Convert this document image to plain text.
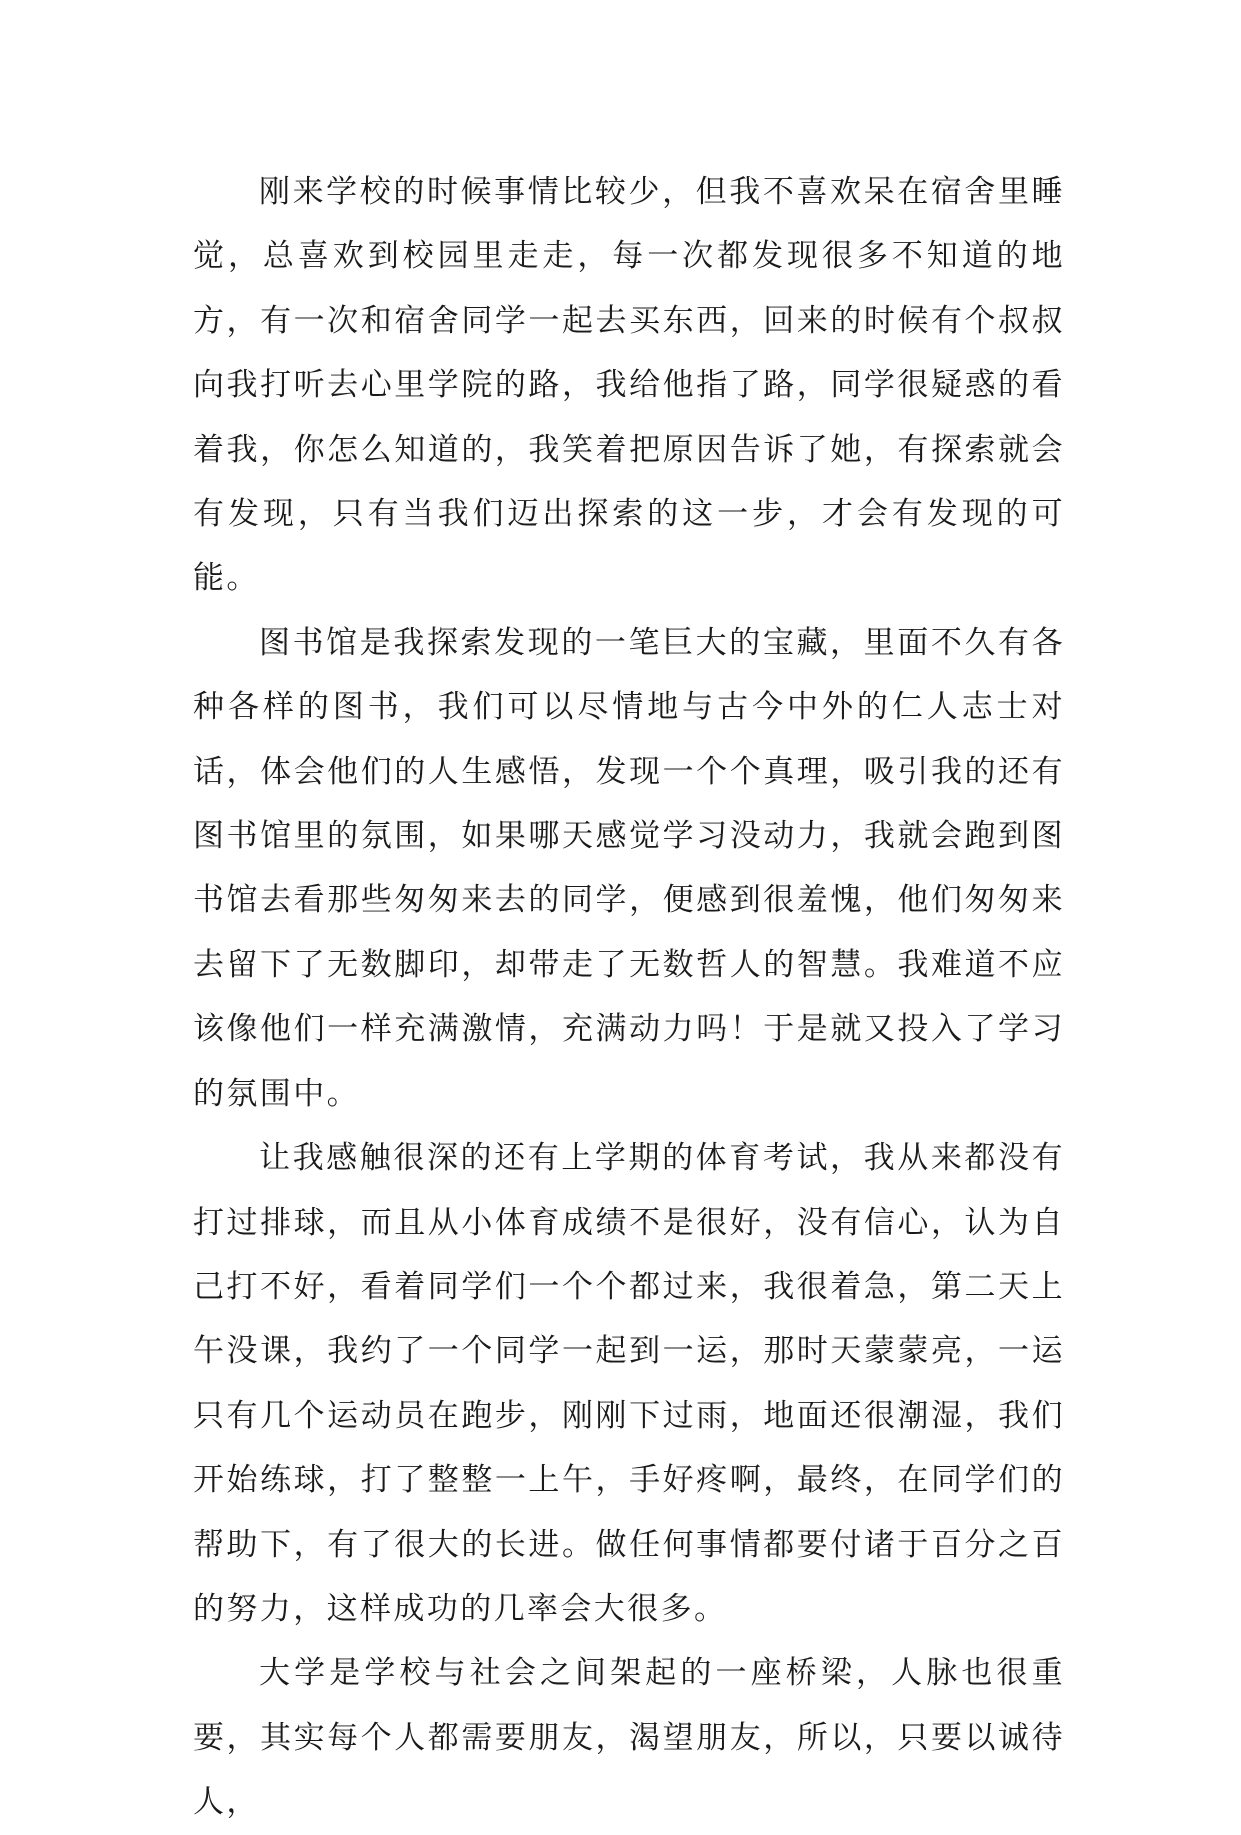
刚来学校的时候事情比较少，但我不喜欢呆在宿舍里睡觉，总喜欢到校园里走走，每一次都发现很多不知道的地方，有一次和宿舍同学一起去买东西，回来的时候有个叔叔向我打听去心里学院的路，我给他指了路，同学很疑惑的看着我，你怎么知道的，我笑着把原因告诉了她，有探索就会有发现，只有当我们迈出探索的这一步，才会有发现的可能。

图书馆是我探索发现的一笔巨大的宝藏，里面不久有各种各样的图书，我们可以尽情地与古今中外的仁人志士对话，体会他们的人生感悟，发现一个个真理，吸引我的还有图书馆里的氛围，如果哪天感觉学习没动力，我就会跑到图书馆去看那些匆匆来去的同学，便感到很羞愧，他们匆匆来去留下了无数脚印，却带走了无数哲人的智慧。我难道不应该像他们一样充满激情，充满动力吗！于是就又投入了学习的氛围中。

让我感触很深的还有上学期的体育考试，我从来都没有打过排球，而且从小体育成绩不是很好，没有信心，认为自己打不好，看着同学们一个个都过来，我很着急，第二天上午没课，我约了一个同学一起到一运，那时天蒙蒙亮，一运只有几个运动员在跑步，刚刚下过雨，地面还很潮湿，我们开始练球，打了整整一上午，手好疼啊，最终，在同学们的帮助下，有了很大的长进。做任何事情都要付诸于百分之百的努力，这样成功的几率会大很多。

大学是学校与社会之间架起的一座桥梁，人脉也很重要，其实每个人都需要朋友，渴望朋友，所以，只要以诚待人，
